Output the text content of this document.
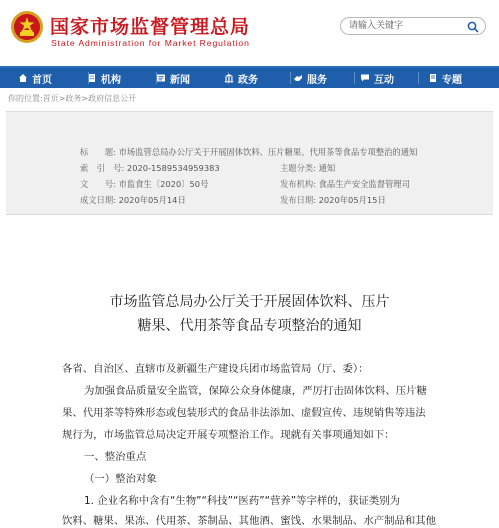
国家市场监督管理总局
State Administration for Market Regulation
请输入关键字
首页	机构	新闻	政务	服务	互动	专题
你的位置:首页>政务>政府信息公开
标　　题: 市场监管总局办公厅关于开展固体饮料、压片糖果、代用茶等食品专项整治的通知
索　引　号: 2020-1589534959383	主题分类: 通知
文　　号: 市监食生〔2020〕50号	发布机构: 食品生产安全监督管理司
成文日期: 2020年05月14日	发布日期: 2020年05月15日
市场监管总局办公厅关于开展固体饮料、压片
糖果、代用茶等食品专项整治的通知
各省、自治区、直辖市及新疆生产建设兵团市场监管局（厅、委）：
为加强食品质量安全监管，保障公众身体健康，严厉打击固体饮料、压片糖
果、代用茶等特殊形态或包装形式的食品非法添加、虚假宣传、违规销售等违法
规行为，市场监管总局决定开展专项整治工作。现就有关事项通知如下：
一、整治重点
（一）整治对象
1. 企业名称中含有“生物”“科技”“医药”“营养”等字样的，获证类别为
饮料、糖果、果冻、代用茶、茶制品、其他酒、蜜饯、水果制品、水产制品和其他
